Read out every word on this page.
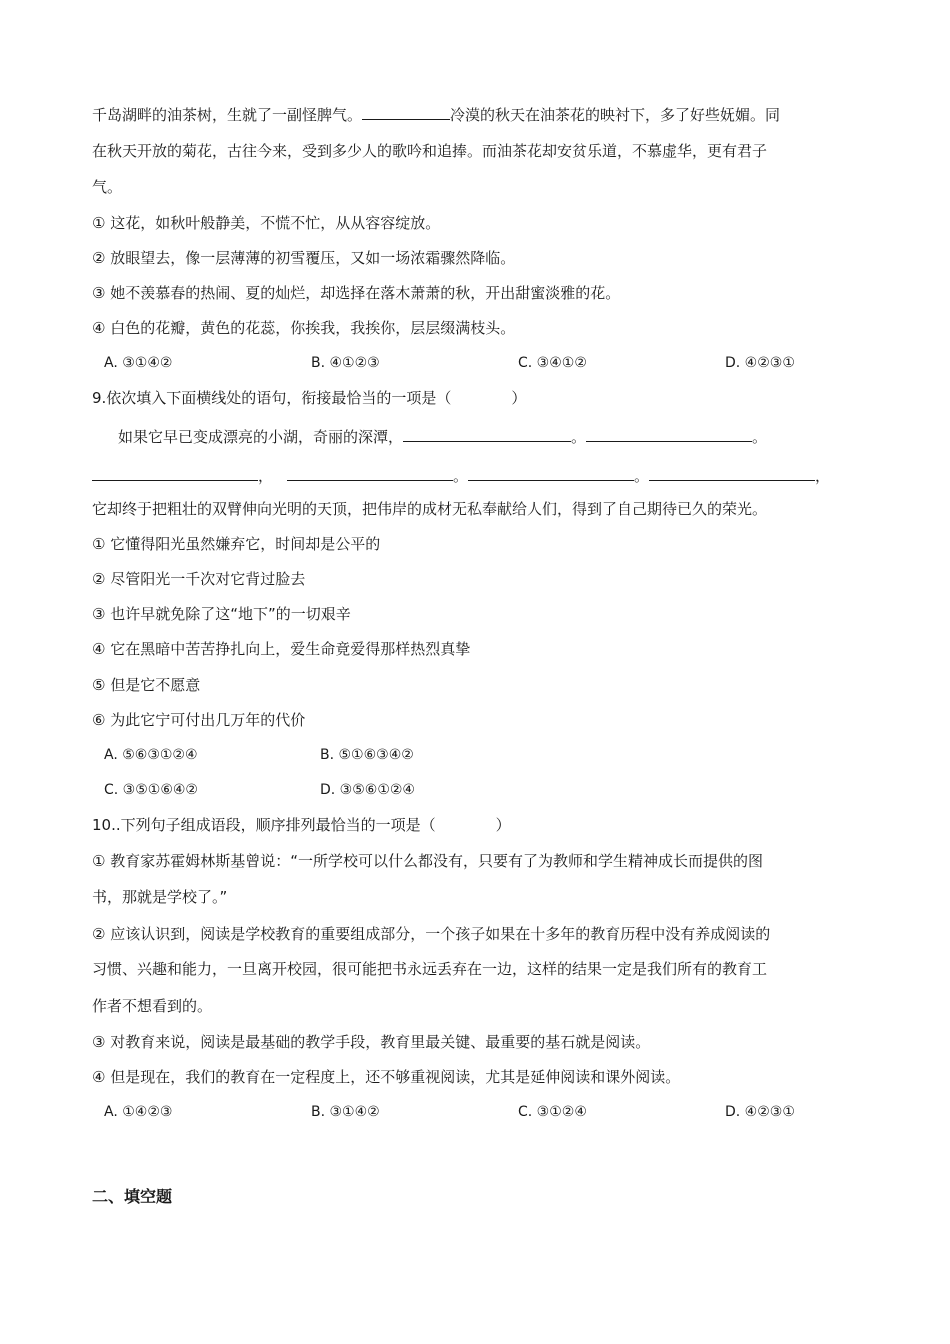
千岛湖畔的油茶树，生就了一副怪脾气。	冷漠的秋天在油茶花的映衬下，多了好些妩媚。同
在秋天开放的菊花，古往今来，受到多少人的歌吟和追捧。而油茶花却安贫乐道，不慕虚华，更有君子
气。
① 这花，如秋叶般静美，不慌不忙，从从容容绽放。
② 放眼望去，像一层薄薄的初雪覆压，又如一场浓霜骤然降临。
③ 她不羡慕春的热闹、夏的灿烂，却选择在落木萧萧的秋，开出甜蜜淡雅的花。
④ 白色的花瓣，黄色的花蕊，你挨我，我挨你，层层缀满枝头。
A. ③①④②	B. ④①②③	C. ③④①②	D. ④②③①
9.依次填入下面横线处的语句，衔接最恰当的一项是（　　　　）
如果它早已变成漂亮的小湖，奇丽的深潭，	。	。
，	。	。	，
它却终于把粗壮的双臂伸向光明的天顶，把伟岸的成材无私奉献给人们，得到了自己期待已久的荣光。
① 它懂得阳光虽然嫌弃它，时间却是公平的
② 尽管阳光一千次对它背过脸去
③ 也许早就免除了这“地下”的一切艰辛
④ 它在黑暗中苦苦挣扎向上，爱生命竟爱得那样热烈真挚
⑤ 但是它不愿意
⑥ 为此它宁可付出几万年的代价
A. ⑤⑥③①②④	B. ⑤①⑥③④②
C. ③⑤①⑥④②	D. ③⑤⑥①②④
10..下列句子组成语段，顺序排列最恰当的一项是（　　　　）
① 教育家苏霍姆林斯基曾说：“一所学校可以什么都没有，只要有了为教师和学生精神成长而提供的图
书，那就是学校了。”
② 应该认识到，阅读是学校教育的重要组成部分，一个孩子如果在十多年的教育历程中没有养成阅读的
习惯、兴趣和能力，一旦离开校园，很可能把书永远丢弃在一边，这样的结果一定是我们所有的教育工
作者不想看到的。
③ 对教育来说，阅读是最基础的教学手段，教育里最关键、最重要的基石就是阅读。
④ 但是现在，我们的教育在一定程度上，还不够重视阅读，尤其是延伸阅读和课外阅读。
A. ①④②③	B. ③①④②	C. ③①②④	D. ④②③①
二、填空题
